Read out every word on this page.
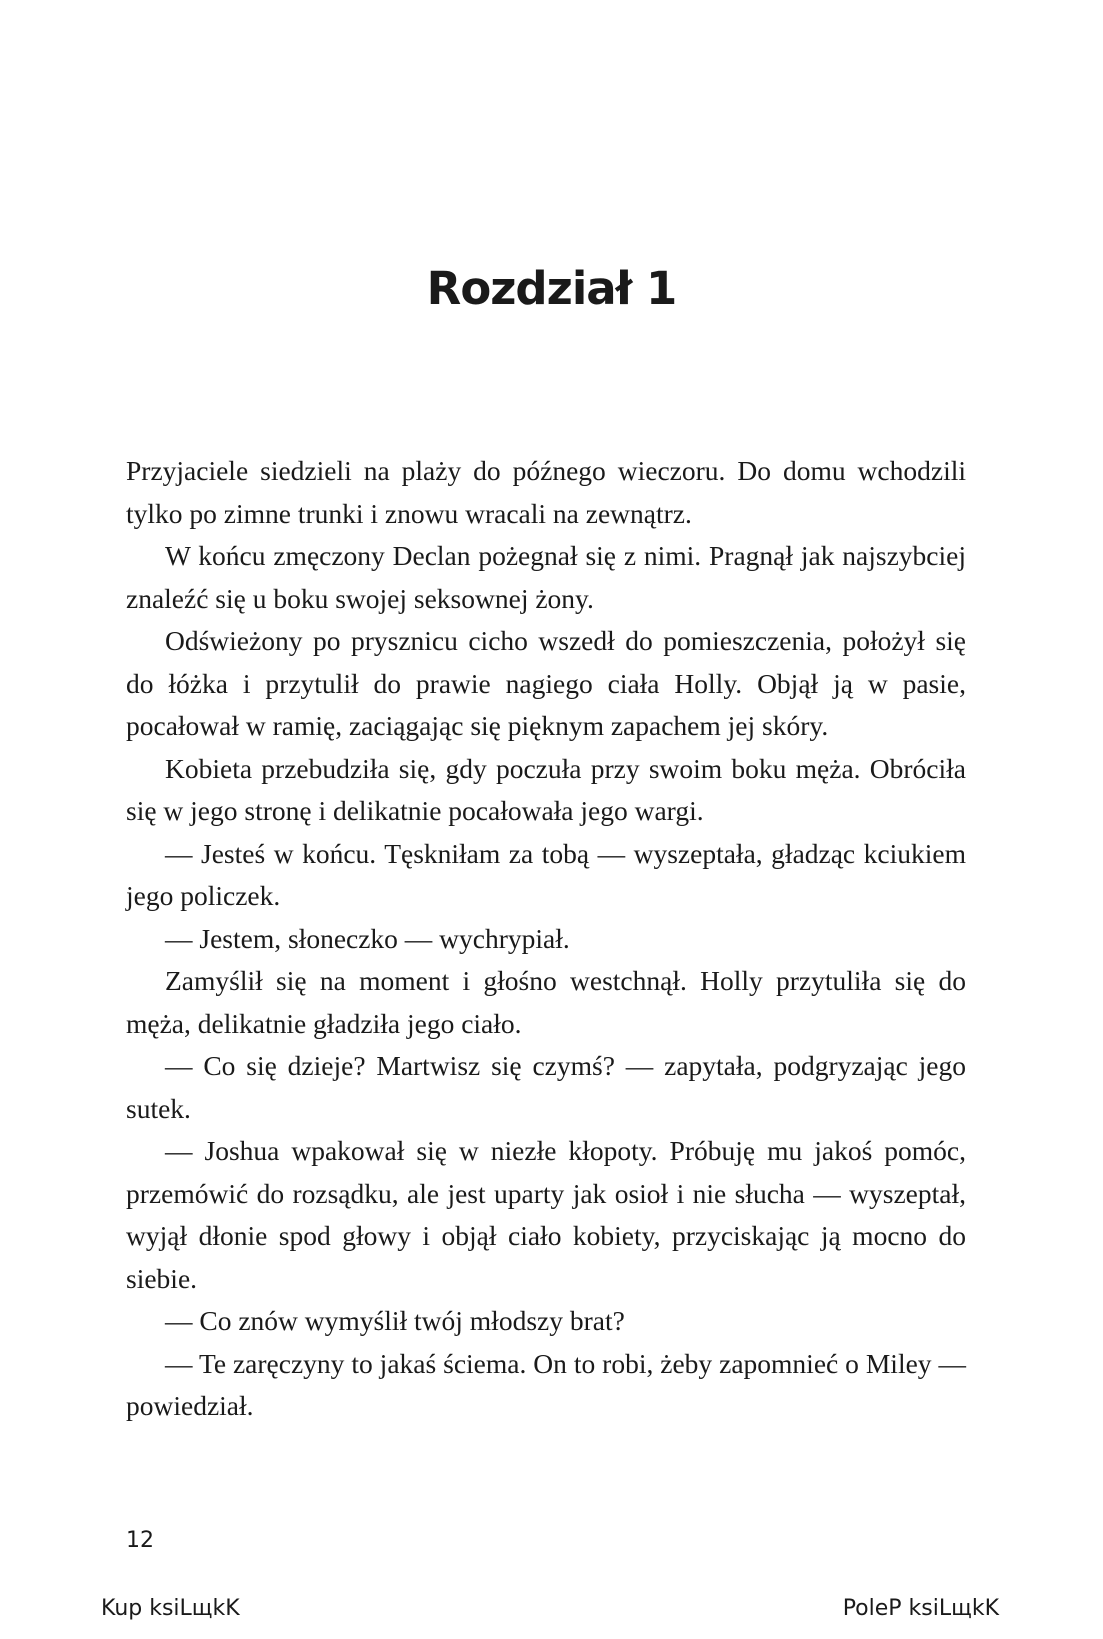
Rozdział 1

Przyjaciele siedzieli na plaży do późnego wieczoru. Do domu wchodzili tylko po zimne trunki i znowu wracali na zewnątrz.

W końcu zmęczony Declan pożegnał się z nimi. Pragnął jak najszybciej znaleźć się u boku swojej seksownej żony.

Odświeżony po prysznicu cicho wszedł do pomieszczenia, położył się do łóżka i przytulił do prawie nagiego ciała Holly. Objął ją w pasie, pocałował w ramię, zaciągając się pięknym zapachem jej skóry.

Kobieta przebudziła się, gdy poczuła przy swoim boku męża. Obróciła się w jego stronę i delikatnie pocałowała jego wargi.

— Jesteś w końcu. Tęskniłam za tobą — wyszeptała, gładząc kciukiem jego policzek.

— Jestem, słoneczko — wychrypiał.

Zamyślił się na moment i głośno westchnął. Holly przytuliła się do męża, delikatnie gładziła jego ciało.

— Co się dzieje? Martwisz się czymś? — zapytała, podgryzając jego sutek.

— Joshua wpakował się w niezłe kłopoty. Próbuję mu jakoś pomóc, przemówić do rozsądku, ale jest uparty jak osioł i nie słucha — wyszeptał, wyjął dłonie spod głowy i objął ciało kobiety, przyciskając ją mocno do siebie.

— Co znów wymyślił twój młodszy brat?

— Te zaręczyny to jakaś ściema. On to robi, żeby zapomnieć o Miley — powiedział.

12
Kup ksiLщkK	PoleP ksiLщkK
